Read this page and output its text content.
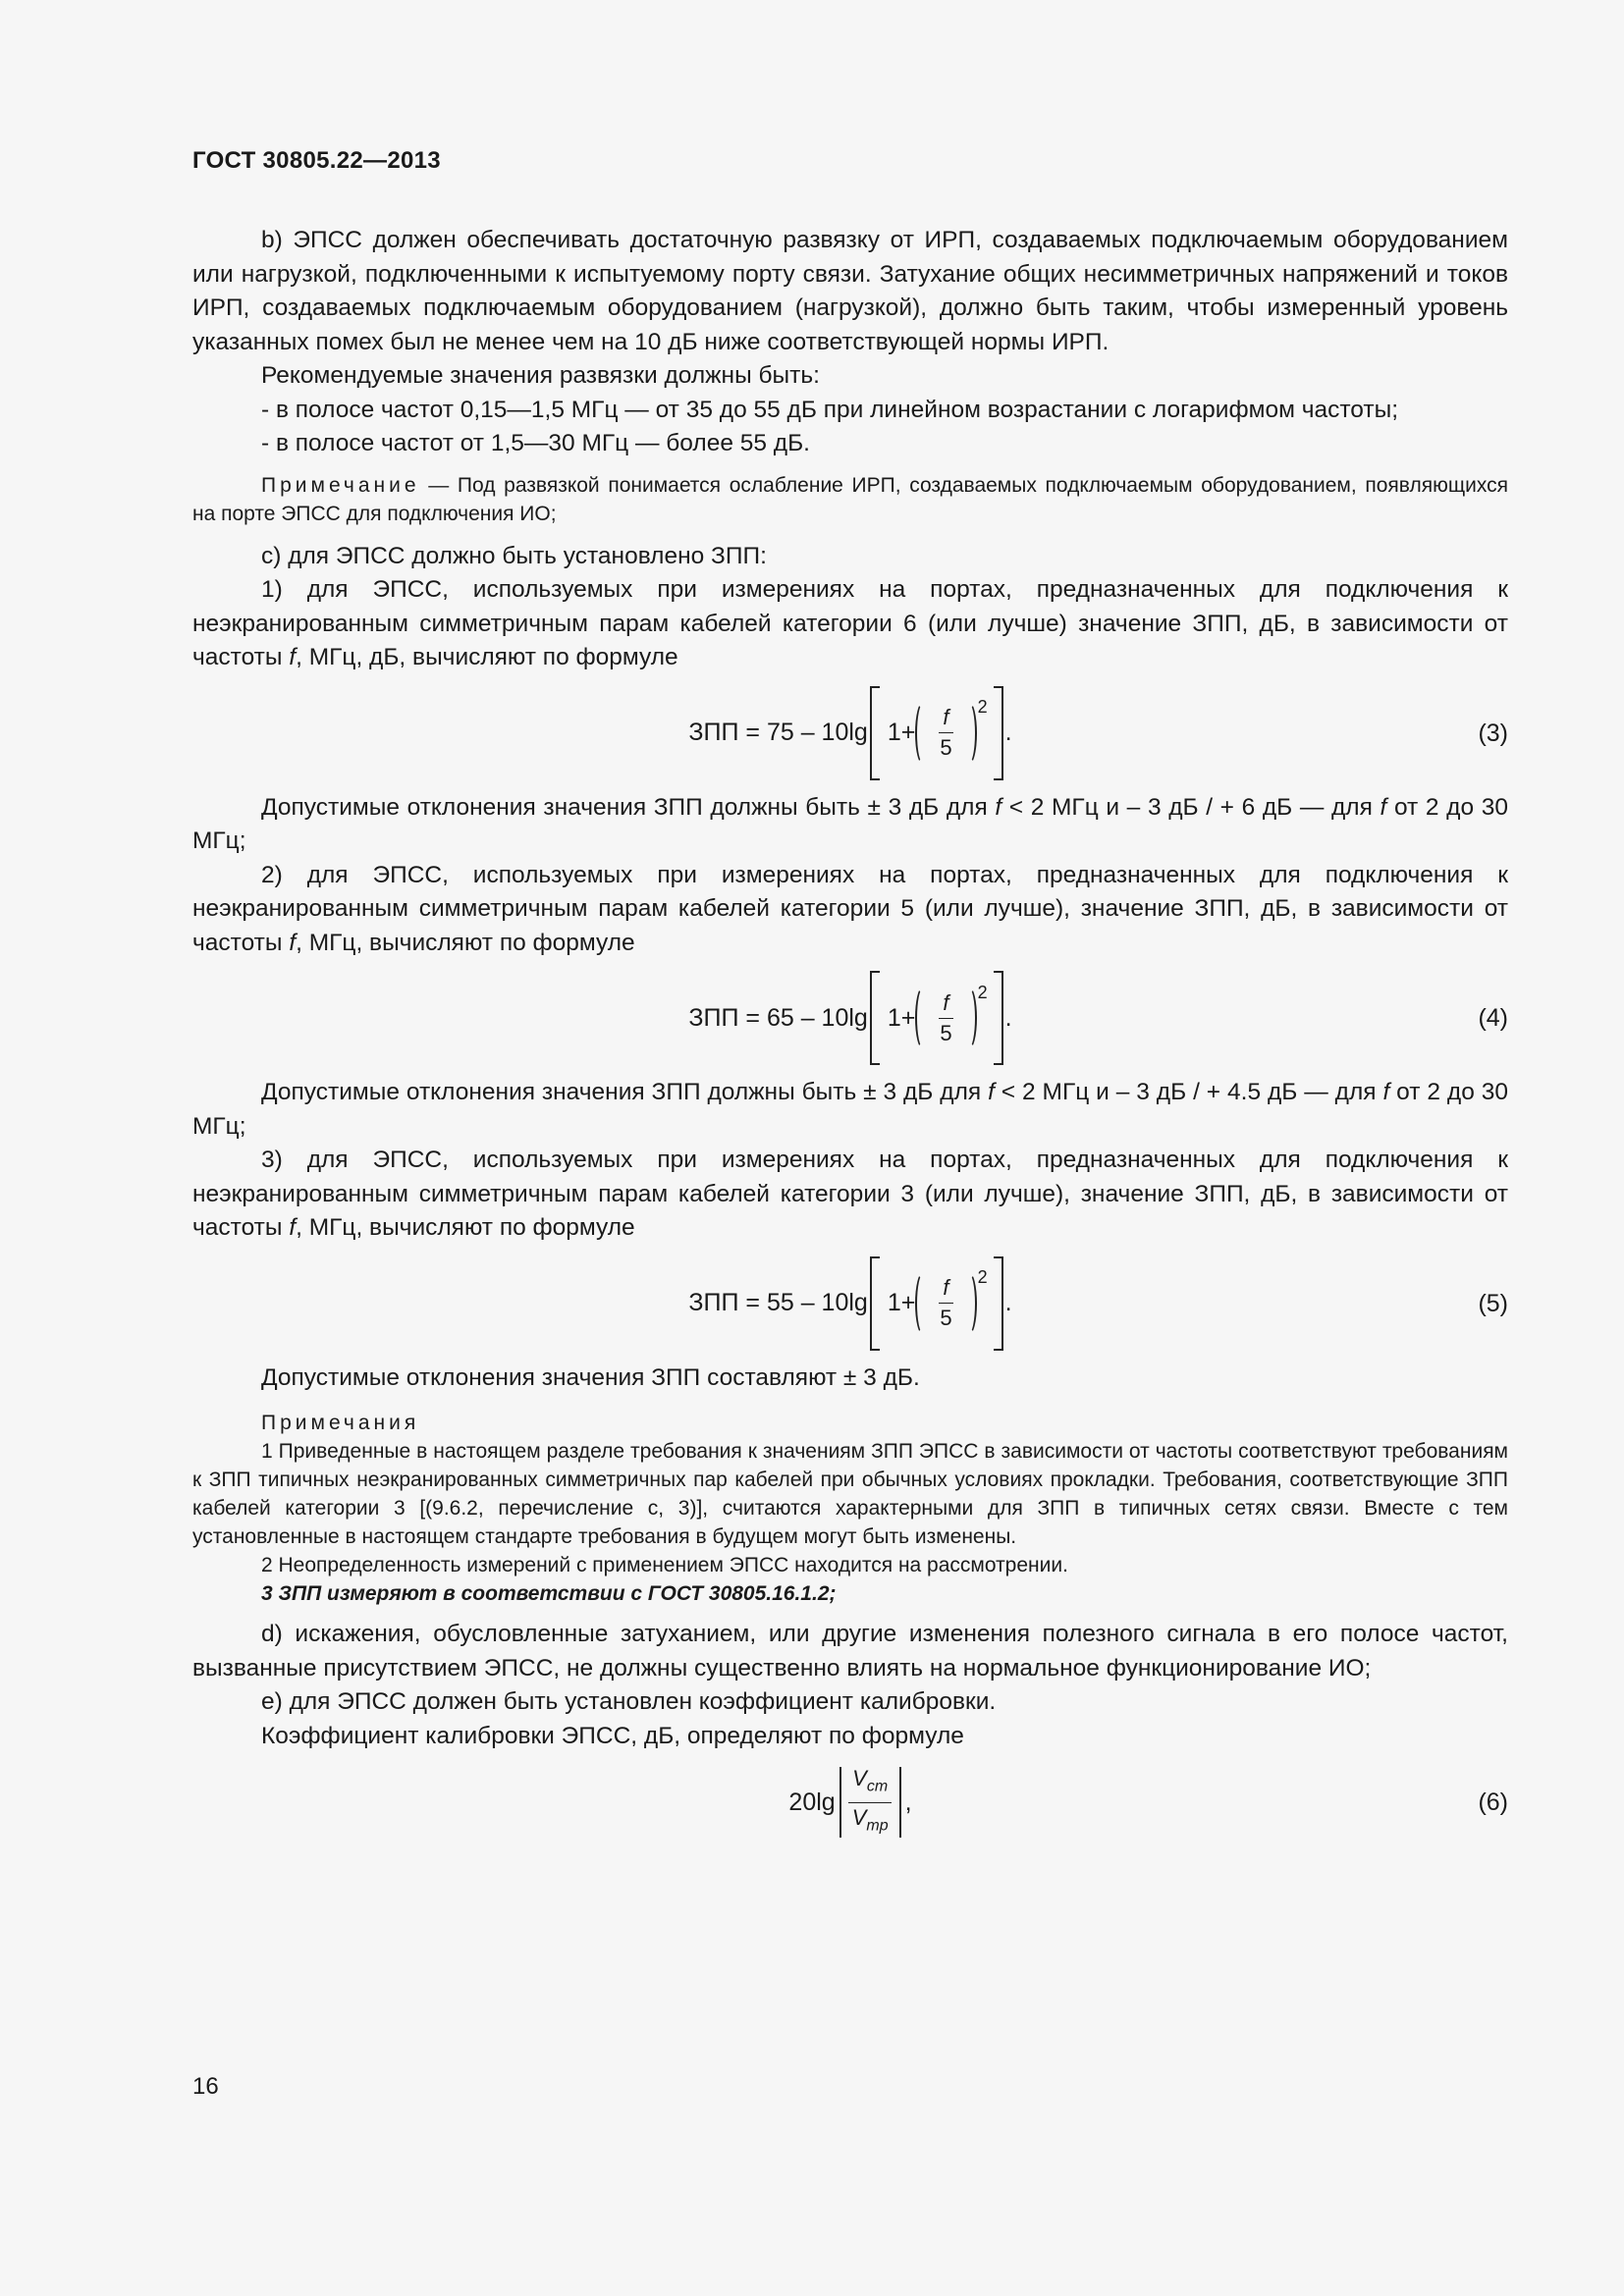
ГОСТ 30805.22—2013

b) ЭПСС должен обеспечивать достаточную развязку от ИРП, создаваемых подключаемым оборудованием или нагрузкой, подключенными к испытуемому порту связи. Затухание общих несимметричных напряжений и токов ИРП, создаваемых подключаемым оборудованием (нагрузкой), должно быть таким, чтобы измеренный уровень указанных помех был не менее чем на 10 дБ ниже соответствующей нормы ИРП.

Рекомендуемые значения развязки должны быть:

- в полосе частот 0,15—1,5 МГц — от 35 до 55 дБ при линейном возрастании с логарифмом частоты;

- в полосе частот от 1,5—30 МГц — более 55 дБ.

Примечание — Под развязкой понимается ослабление ИРП, создаваемых подключаемым оборудованием, появляющихся на порте ЭПСС для подключения ИО;

с) для ЭПСС должно быть установлено ЗПП:

1) для ЭПСС, используемых при измерениях на портах, предназначенных для подключения к неэкранированным симметричным парам кабелей категории 6 (или лучше) значение ЗПП, дБ, в зависимости от частоты f, МГц, дБ, вычисляют по формуле

ЗПП = 75 – 10lg $1+ \frac{f}{5} 2$
.	(3)

Допустимые отклонения значения ЗПП должны быть ± 3 дБ для f < 2 МГц и – 3 дБ / + 6 дБ — для f от 2 до 30 МГц;

2) для ЭПСС, используемых при измерениях на портах, предназначенных для подключения к неэкранированным симметричным парам кабелей категории 5 (или лучше), значение ЗПП, дБ, в зависимости от частоты f, МГц, вычисляют по формуле

ЗПП = 65 – 10lg $1+ \frac{f}{5} 2$
.	(4)

Допустимые отклонения значения ЗПП должны быть ± 3 дБ для f < 2 МГц и – 3 дБ / + 4.5 дБ — для f от 2 до 30 МГц;

3) для ЭПСС, используемых при измерениях на портах, предназначенных для подключения к неэкранированным симметричным парам кабелей категории 3 (или лучше), значение ЗПП, дБ, в зависимости от частоты f, МГц, вычисляют по формуле

ЗПП = 55 – 10lg $1+ \frac{f}{5} 2$
.	(5)

Допустимые отклонения значения ЗПП составляют ± 3 дБ.

Примечания

1 Приведенные в настоящем разделе требования к значениям ЗПП ЭПСС в зависимости от частоты соответствуют требованиям к ЗПП типичных неэкранированных симметричных пар кабелей при обычных условиях прокладки. Требования, соответствующие ЗПП кабелей категории 3 [(9.6.2, перечисление с, 3)], считаются характерными для ЗПП в типичных сетях связи. Вместе с тем установленные в настоящем стандарте требования в будущем могут быть изменены.

2 Неопределенность измерений с применением ЭПСС находится на рассмотрении.

3 ЗПП измеряют в соответствии с ГОСТ 30805.16.1.2;

d) искажения, обусловленные затуханием, или другие изменения полезного сигнала в его полосе частот, вызванные присутствием ЭПСС, не должны существенно влиять на нормальное функционирование ИО;

е) для ЭПСС должен быть установлен коэффициент калибровки.

Коэффициент калибровки ЭПСС, дБ, определяют по формуле

$20\lg \frac{V_{cm}}{V_{mp}}$ ,	(6)
16
